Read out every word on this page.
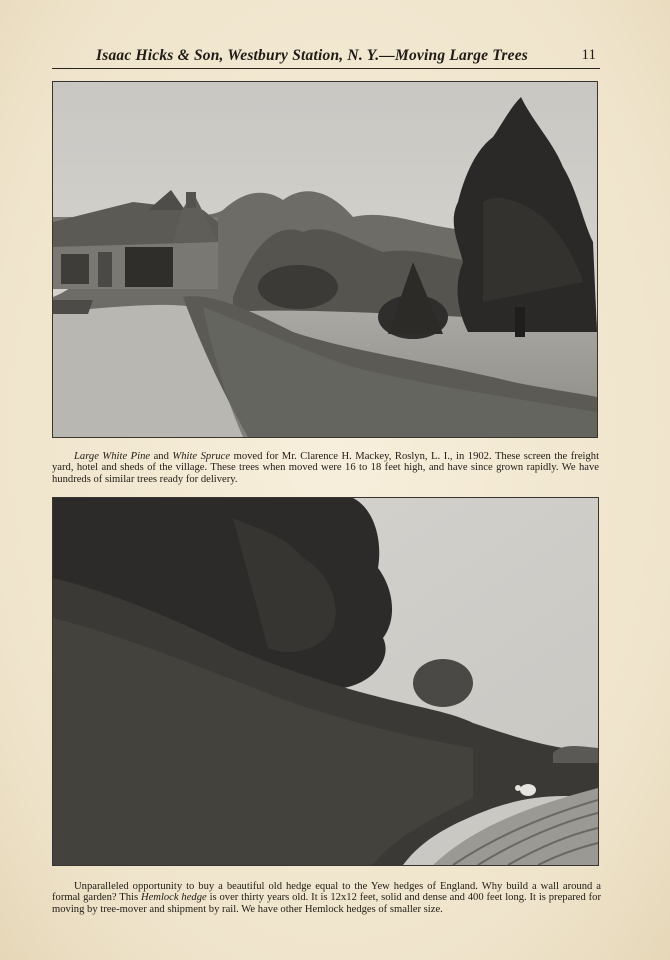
Isaac Hicks & Son, Westbury Station, N. Y.—Moving Large Trees	11

Large White Pine and White Spruce moved for Mr. Clarence H. Mackey, Roslyn, L. I., in 1902. These screen the freight yard, hotel and sheds of the village. These trees when moved were 16 to 18 feet high, and have since grown rapidly. We have hundreds of similar trees ready for delivery.

Unparalleled opportunity to buy a beautiful old hedge equal to the Yew hedges of England. Why build a wall around a formal garden? This Hemlock hedge is over thirty years old. It is 12x12 feet, solid and dense and 400 feet long. It is prepared for moving by tree-mover and shipment by rail. We have other Hemlock hedges of smaller size.
